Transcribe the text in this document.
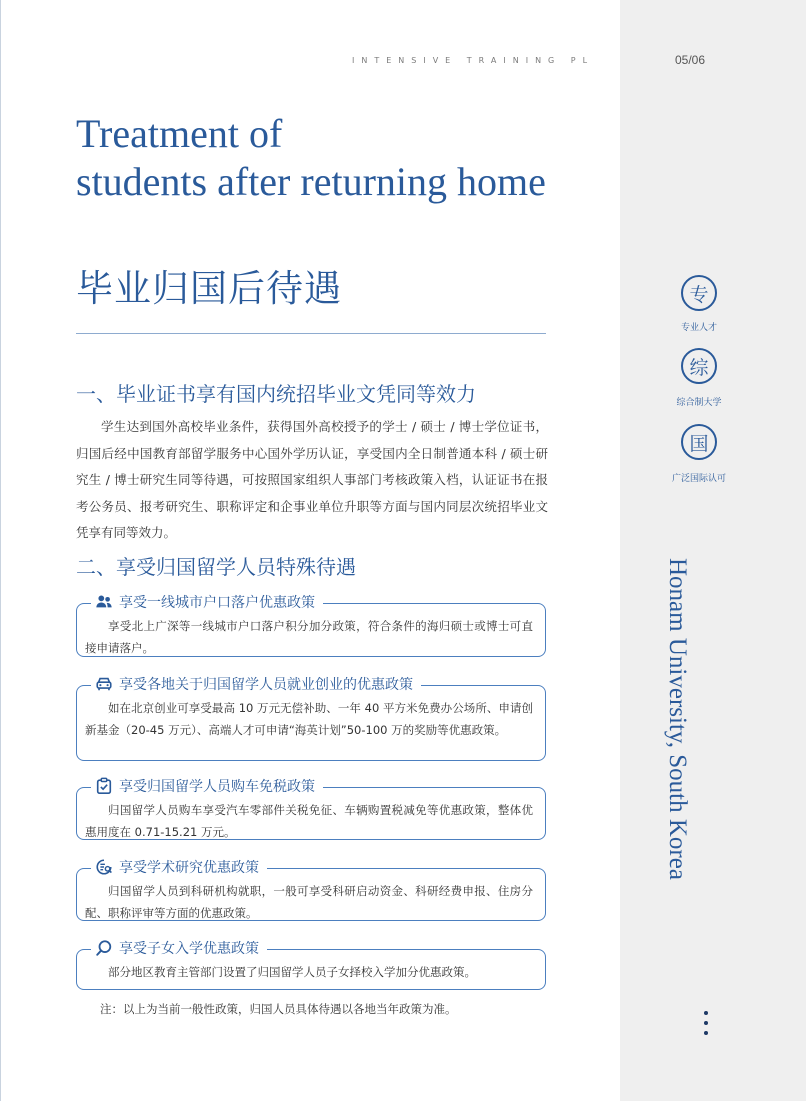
INTENSIVE TRAINING PL	05/06
Treatment of
students after returning home
毕业归国后待遇
一、毕业证书享有国内统招毕业文凭同等效力
学生达到国外高校毕业条件，获得国外高校授予的学士 / 硕士 / 博士学位证书，归国后经中国教育部留学服务中心国外学历认证，享受国内全日制普通本科 / 硕士研究生 / 博士研究生同等待遇，可按照国家组织人事部门考核政策入档，认证证书在报考公务员、报考研究生、职称评定和企事业单位升职等方面与国内同层次统招毕业文凭享有同等效力。
二、享受归国留学人员特殊待遇
享受一线城市户口落户优惠政策
享受北上广深等一线城市户口落户积分加分政策，符合条件的海归硕士或博士可直接申请落户。
享受各地关于归国留学人员就业创业的优惠政策
如在北京创业可享受最高 10 万元无偿补助、一年 40 平方米免费办公场所、申请创新基金（20-45 万元）、高端人才可申请“海英计划”50-100 万的奖励等优惠政策。
享受归国留学人员购车免税政策
归国留学人员购车享受汽车零部件关税免征、车辆购置税减免等优惠政策，整体优惠用度在 0.71-15.21 万元。
享受学术研究优惠政策
归国留学人员到科研机构就职，一般可享受科研启动资金、科研经费申报、住房分配、职称评审等方面的优惠政策。
享受子女入学优惠政策
部分地区教育主管部门设置了归国留学人员子女择校入学加分优惠政策。
注：以上为当前一般性政策，归国人员具体待遇以各地当年政策为准。
专
专业人才
综
综合制大学
国
广泛国际认可
Honam University, South Korea
